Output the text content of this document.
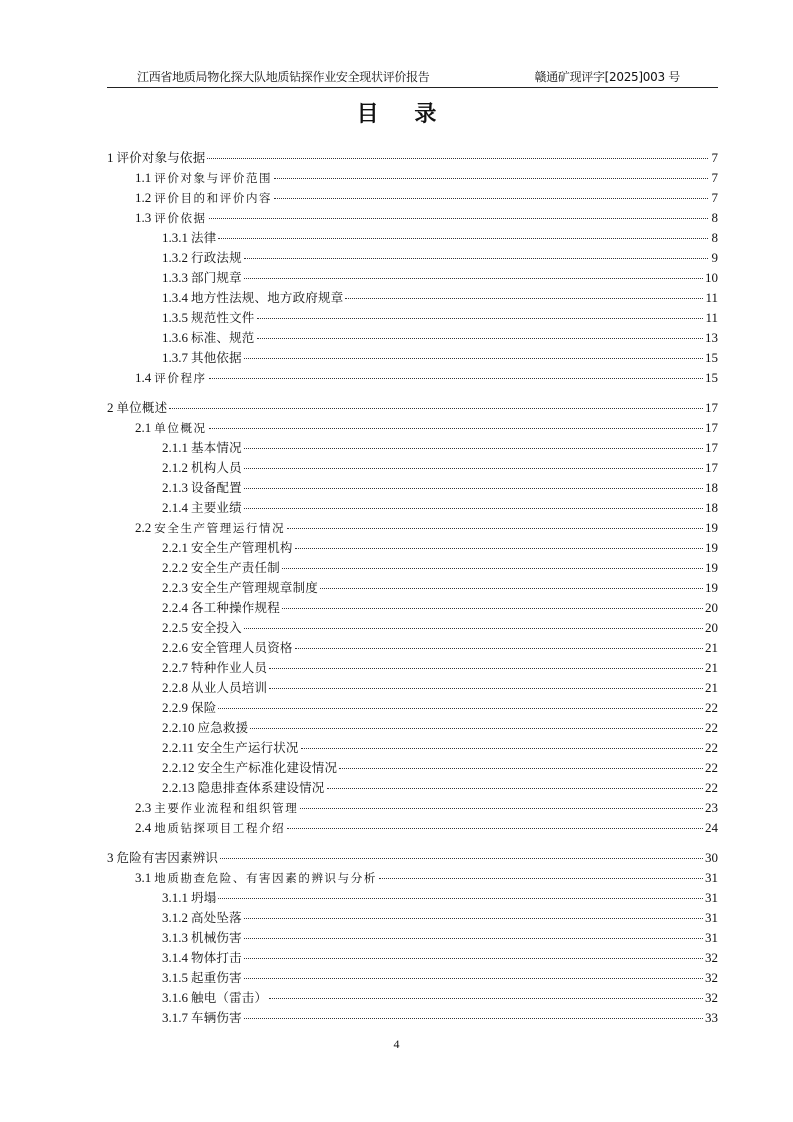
江西省地质局物化探大队地质钻探作业安全现状评价报告	赣通矿现评字[2025]003 号
目 录
1 评价对象与依据	7
1.1 评价对象与评价范围	7
1.2 评价目的和评价内容	7
1.3 评价依据	8
1.3.1 法律	8
1.3.2 行政法规	9
1.3.3 部门规章	10
1.3.4 地方性法规、地方政府规章	11
1.3.5 规范性文件	11
1.3.6 标准、规范	13
1.3.7 其他依据	15
1.4 评价程序	15
2 单位概述	17
2.1 单位概况	17
2.1.1 基本情况	17
2.1.2 机构人员	17
2.1.3 设备配置	18
2.1.4 主要业绩	18
2.2 安全生产管理运行情况	19
2.2.1 安全生产管理机构	19
2.2.2 安全生产责任制	19
2.2.3 安全生产管理规章制度	19
2.2.4 各工种操作规程	20
2.2.5 安全投入	20
2.2.6 安全管理人员资格	21
2.2.7 特种作业人员	21
2.2.8 从业人员培训	21
2.2.9 保险	22
2.2.10 应急救援	22
2.2.11 安全生产运行状况	22
2.2.12 安全生产标准化建设情况	22
2.2.13 隐患排查体系建设情况	22
2.3 主要作业流程和组织管理	23
2.4 地质钻探项目工程介绍	24
3 危险有害因素辨识	30
3.1 地质勘查危险、有害因素的辨识与分析	31
3.1.1 坍塌	31
3.1.2 高处坠落	31
3.1.3 机械伤害	31
3.1.4 物体打击	32
3.1.5 起重伤害	32
3.1.6 触电（雷击）	32
3.1.7 车辆伤害	33
4
